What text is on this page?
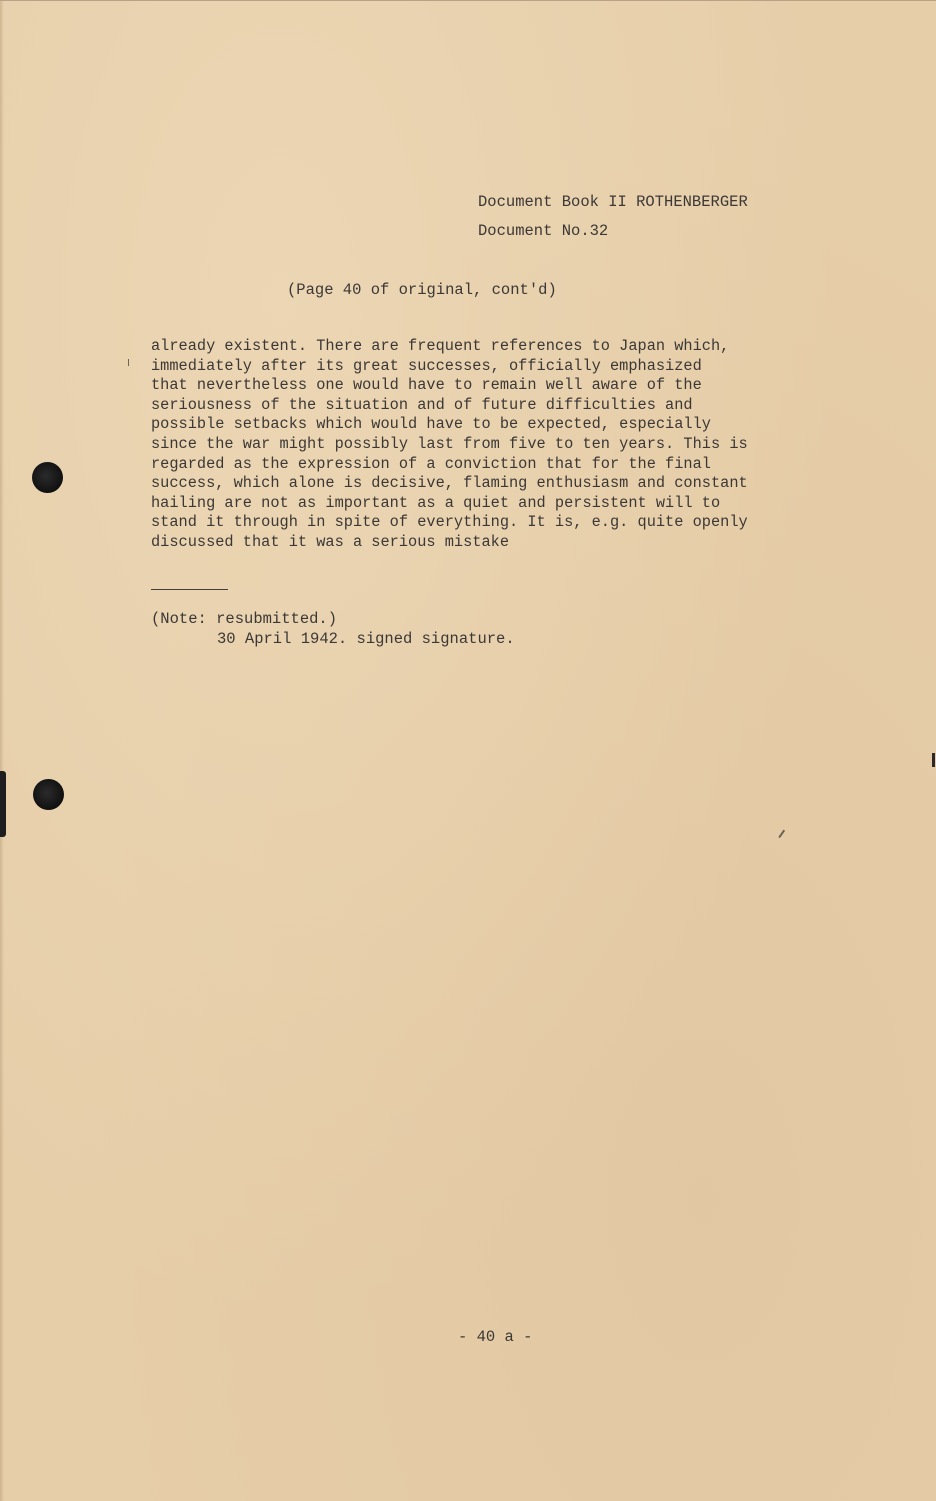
Document Book II ROTHENBERGER
Document No.32
(Page 40 of original, cont'd)
already existent. There are frequent references to Japan which,
immediately after its great successes, officially emphasized
that nevertheless one would have to remain well aware of the
seriousness of the situation and of future difficulties and
possible setbacks which would have to be expected, especially
since the war might possibly last from five to ten years. This is
regarded as the expression of a conviction that for the final
success, which alone is decisive, flaming enthusiasm and constant
hailing are not as important as a quiet and persistent will to
stand it through in spite of everything. It is, e.g. quite openly
discussed that it was a serious mistake
(Note: resubmitted.)
30 April 1942. signed signature.
- 40 a -
